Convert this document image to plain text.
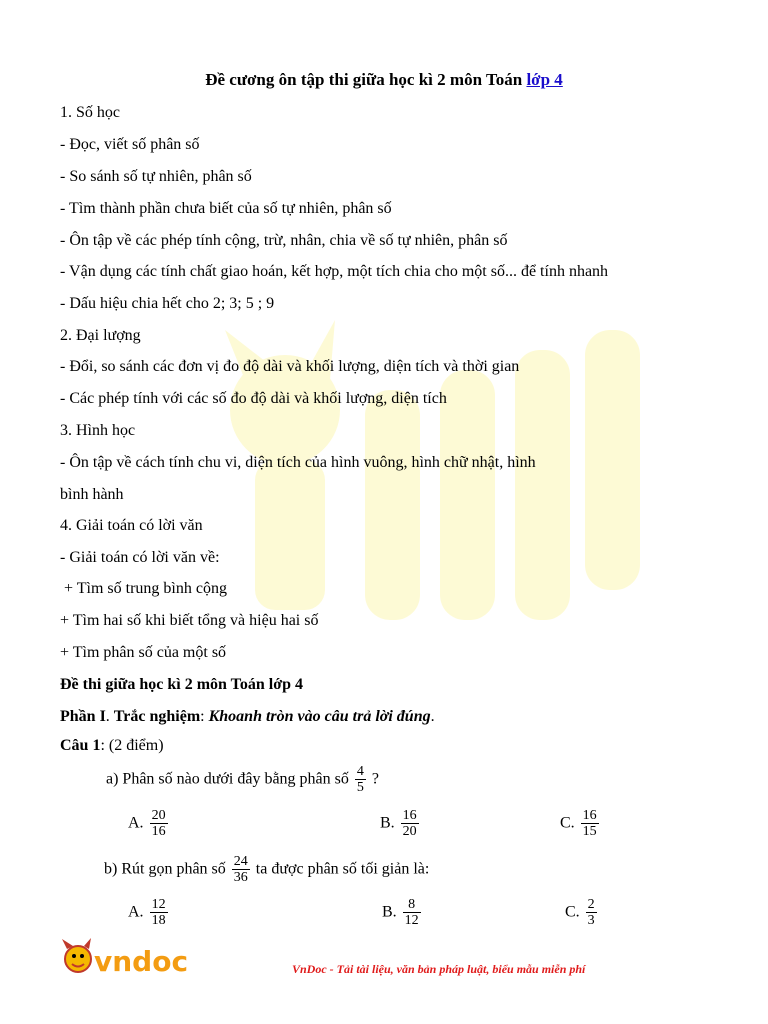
Đề cương ôn tập thi giữa học kì 2 môn Toán lớp 4
1. Số học
- Đọc, viết số phân số
- So sánh số tự nhiên, phân số
- Tìm thành phần chưa biết của số tự nhiên, phân số
- Ôn tập về các phép tính cộng, trừ, nhân, chia về số tự nhiên, phân số
- Vận dụng các tính chất giao hoán, kết hợp, một tích chia cho một số... để tính nhanh
- Dấu hiệu chia hết cho 2; 3; 5 ; 9
2. Đại lượng
- Đổi, so sánh các đơn vị đo độ dài và khối lượng, diện tích và thời gian
- Các phép tính với các số đo độ dài và khối lượng, diện tích
3. Hình học
- Ôn tập về cách tính chu vi, diện tích của hình vuông, hình chữ nhật, hình
bình hành
4. Giải toán có lời văn
- Giải toán có lời văn về:
+ Tìm số trung bình cộng
+ Tìm hai số khi biết tổng và hiệu hai số
+ Tìm phân số của một số
Đề thi giữa học kì 2 môn Toán lớp 4
Phần I. Trắc nghiệm: Khoanh tròn vào câu trả lời đúng.
Câu 1: (2 điểm)
a) Phân số nào dưới đây bằng phân số $\frac{4}{5}$ ?
A. $\frac{20}{16}$	B. $\frac{16}{20}$	C. $\frac{16}{15}$
b) Rút gọn phân số $\frac{24}{36}$ ta được phân số tối giản là:
A. $\frac{12}{18}$	B. $\frac{8}{12}$	C. $\frac{2}{3}$
vndoc	VnDoc - Tải tài liệu, văn bản pháp luật, biểu mẫu miễn phí
